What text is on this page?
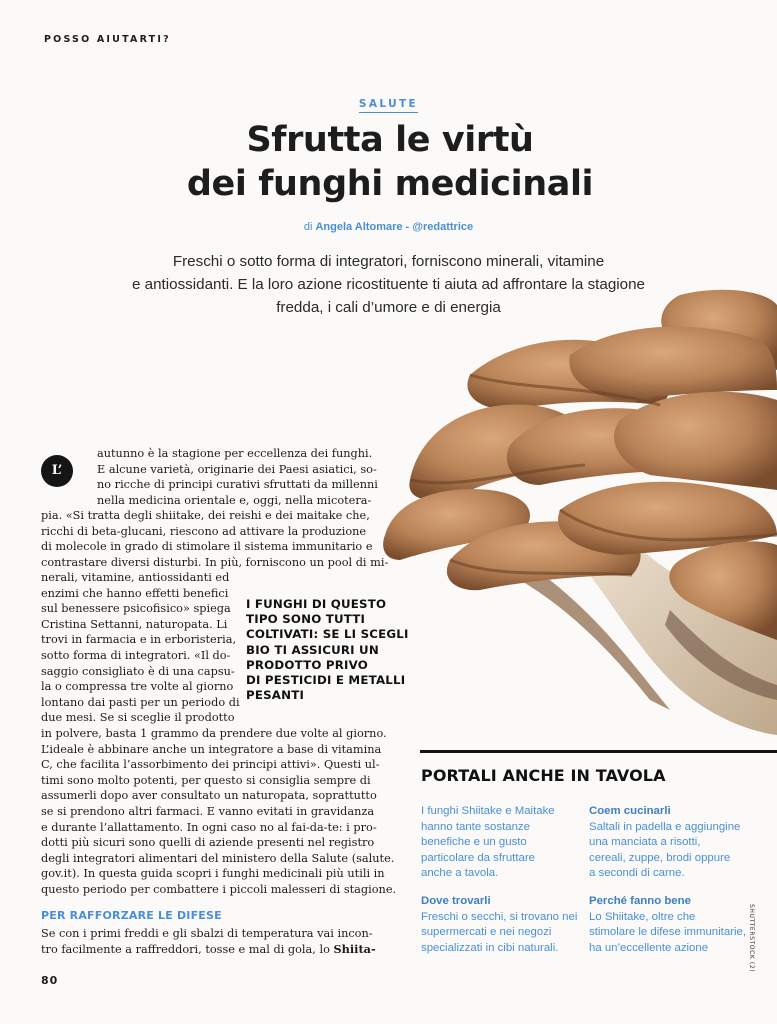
POSSO AIUTARTI?
SALUTE
Sfrutta le virtù
dei funghi medicinali
di Angela Altomare - @redattrice
Freschi o sotto forma di integratori, forniscono minerali, vitamine
e antiossidanti. E la loro azione ricostituente ti aiuta ad affrontare la stagione
fredda, i cali d’umore e di energia
L’
autunno è la stagione per eccellenza dei funghi.
E alcune varietà, originarie dei Paesi asiatici, so-
no ricche di principi curativi sfruttati da millenni
nella medicina orientale e, oggi, nella micotera-
pia. «Si tratta degli shiitake, dei reishi e dei maitake che,
ricchi di beta-glucani, riescono ad attivare la produzione
di molecole in grado di stimolare il sistema immunitario e
contrastare diversi disturbi. In più, forniscono un pool di mi-
nerali, vitamine, antiossidanti ed
enzimi che hanno effetti benefici
sul benessere psicofisico» spiega
Cristina Settanni, naturopata. Li
trovi in farmacia e in erboristeria,
sotto forma di integratori. «Il do-
saggio consigliato è di una capsu-
la o compressa tre volte al giorno
lontano dai pasti per un periodo di
due mesi. Se si sceglie il prodotto
I FUNGHI DI QUESTO
TIPO SONO TUTTI
COLTIVATI: SE LI SCEGLI
BIO TI ASSICURI UN
PRODOTTO PRIVO
DI PESTICIDI E METALLI
PESANTI
in polvere, basta 1 grammo da prendere due volte al giorno.
L’ideale è abbinare anche un integratore a base di vitamina
C, che facilita l’assorbimento dei principi attivi». Questi ul-
timi sono molto potenti, per questo si consiglia sempre di
assumerli dopo aver consultato un naturopata, soprattutto
se si prendono altri farmaci. E vanno evitati in gravidanza
e durante l’allattamento. In ogni caso no al fai-da-te: i pro-
dotti più sicuri sono quelli di aziende presenti nel registro
degli integratori alimentari del ministero della Salute (salute.
gov.it). In questa guida scopri i funghi medicinali più utili in
questo periodo per combattere i piccoli malesseri di stagione.
PER RAFFORZARE LE DIFESE
Se con i primi freddi e gli sbalzi di temperatura vai incon-
tro facilmente a raffreddori, tosse e mal di gola, lo Shiita-
PORTALI ANCHE IN TAVOLA
I funghi Shiitake e Maitake
hanno tante sostanze
benefiche e un gusto
particolare da sfruttare
anche a tavola.
Dove trovarli
Freschi o secchi, si trovano nei
supermercati e nei negozi
specializzati in cibi naturali.
Coem cucinarli
Saltali in padella e aggiungine
una manciata a risotti,
cereali, zuppe, brodi oppure
a secondi di carne.
Perché fanno bene
Lo Shiitake, oltre che
stimolare le difese immunitarie,
ha un’eccellente azione	SHUTTERSTOCK (2)
80
